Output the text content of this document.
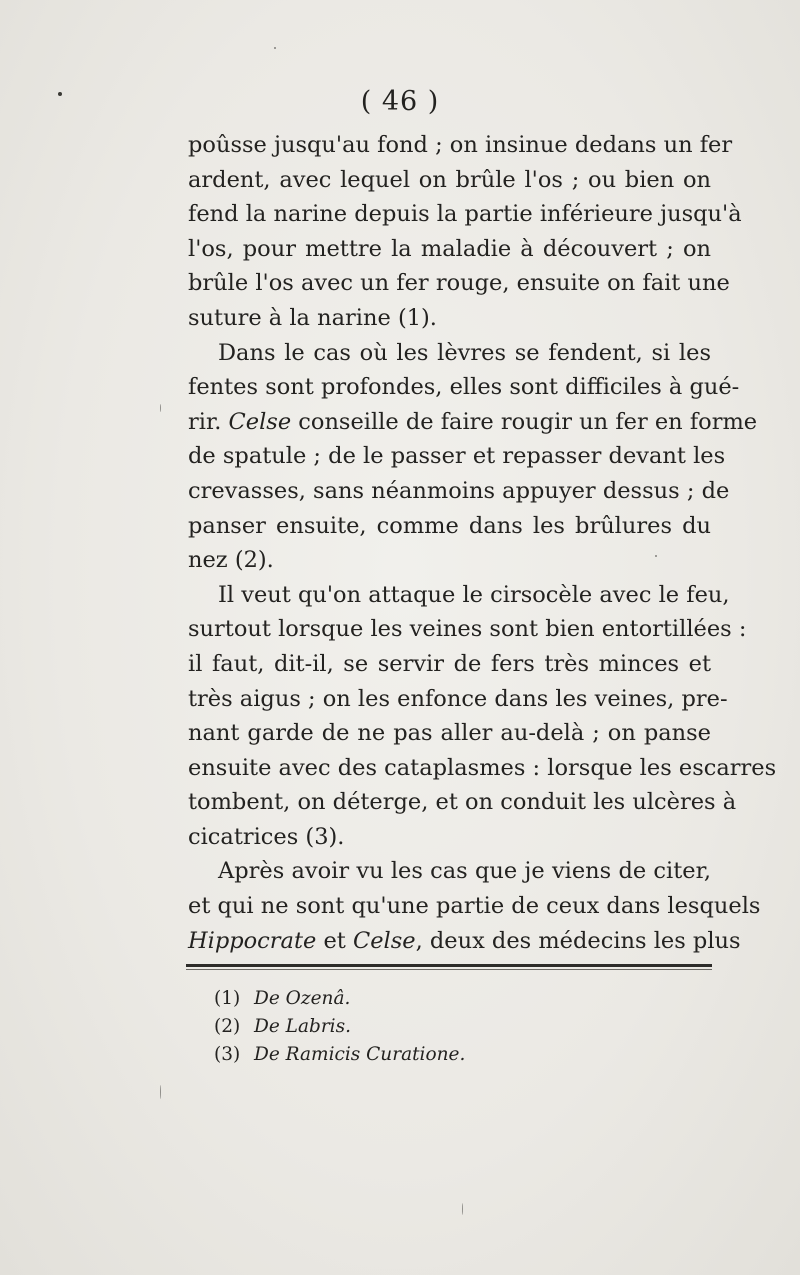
( 46 )
poûsse jusqu'au fond ; on insinue dedans un fer
ardent, avec lequel on brûle l'os ; ou bien on
fend la narine depuis la partie inférieure jusqu'à
l'os, pour mettre la maladie à découvert ; on
brûle l'os avec un fer rouge, ensuite on fait une
suture à la narine (1).
Dans le cas où les lèvres se fendent, si les
fentes sont profondes, elles sont difficiles à gué-
rir. Celse conseille de faire rougir un fer en forme
de spatule ; de le passer et repasser devant les
crevasses, sans néanmoins appuyer dessus ; de
panser ensuite, comme dans les brûlures du
nez (2).
Il veut qu'on attaque le cirsocèle avec le feu,
surtout lorsque les veines sont bien entortillées :
il faut, dit-il, se servir de fers très minces et
très aigus ; on les enfonce dans les veines, pre-
nant garde de ne pas aller au-delà ; on panse
ensuite avec des cataplasmes : lorsque les escarres
tombent, on déterge, et on conduit les ulcères à
cicatrices (3).
Après avoir vu les cas que je viens de citer,
et qui ne sont qu'une partie de ceux dans lesquels
Hippocrate et Celse, deux des médecins les plus
(1) De Ozenâ.
(2) De Labris.
(3) De Ramicis Curatione.
